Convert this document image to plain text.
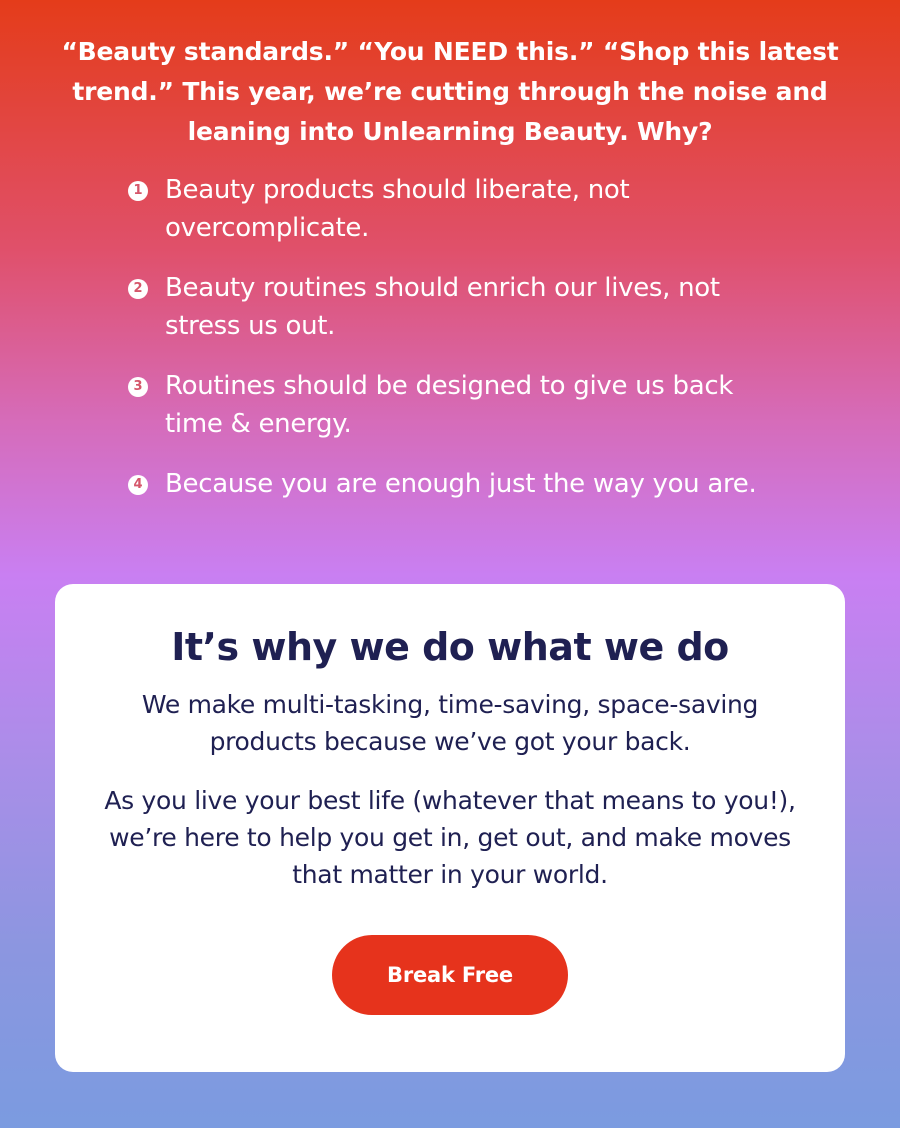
“Beauty standards.” “You NEED this.” “Shop this latest trend.” This year, we’re cutting through the noise and leaning into Unlearning Beauty. Why?

1 Beauty products should liberate, not overcomplicate.
2 Beauty routines should enrich our lives, not stress us out.
3 Routines should be designed to give us back time & energy.
4 Because you are enough just the way you are.
It’s why we do what we do

We make multi-tasking, time-saving, space-saving products because we’ve got your back.

As you live your best life (whatever that means to you!), we’re here to help you get in, get out, and make moves that matter in your world.

Break Free
